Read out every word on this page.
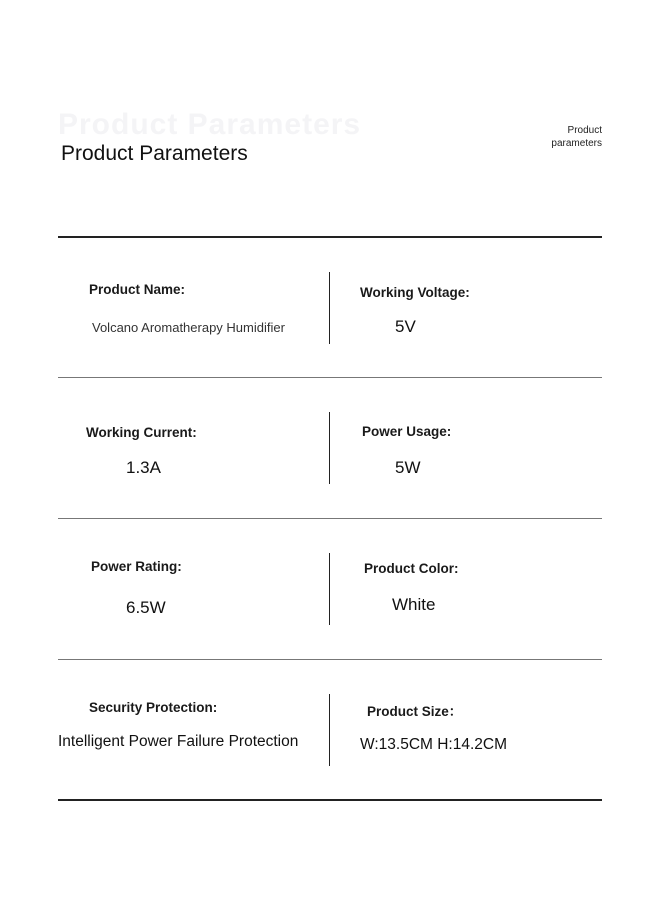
Product Parameters
Product Parameters
Product
parameters
Product Name:
Volcano Aromatherapy Humidifier
Working Voltage:
5V
Working Current:
1.3A
Power Usage:
5W
Power Rating:
6.5W
Product Color:
White
Security Protection:
Intelligent Power Failure Protection
Product Size：
W:13.5CM H:14.2CM
